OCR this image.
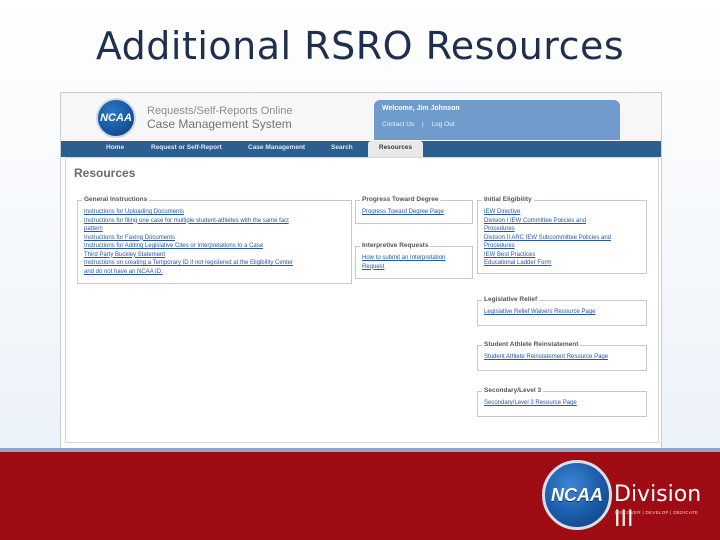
Additional RSRO Resources
NCAA
Requests/Self-Reports Online
Case Management System
Welcome, Jim Johnson
Contact Us | Log Out
Home	Request or Self-Report	Case Management	Search	Resources
Resources
General Instructions
Instructions for Uploading Documents
Instructions for filing one case for multiple student-athletes with the same fact
pattern
Instructions for Faxing Documents
Instructions for Adding Legislative Cites or Interpretations to a Case
Third Party Buckley Statement
Instructions on creating a Temporary ID if not registered at the Eligibility Center
and do not have an NCAA ID.
Progress Toward Degree
Progress Toward Degree Page
Interpretive Requests
How to submit an Interpretation
Request
Initial Eligibility
IEW Directive
Division I IEW Committee Policies and
Procedures
Division II ARC IEW Subcommittee Policies and
Procedures
IEW Best Practices
Educational Ladder Form
Legislative Relief
Legislative Relief Waivers Resource Page
Student Athlete Reinstatement
Student Athlete Reinstatement Resource Page
Secondary/Level 3
Secondary/Level 3 Resource Page
NCAA Division III
DISCOVER | DEVELOP | DEDICATE
